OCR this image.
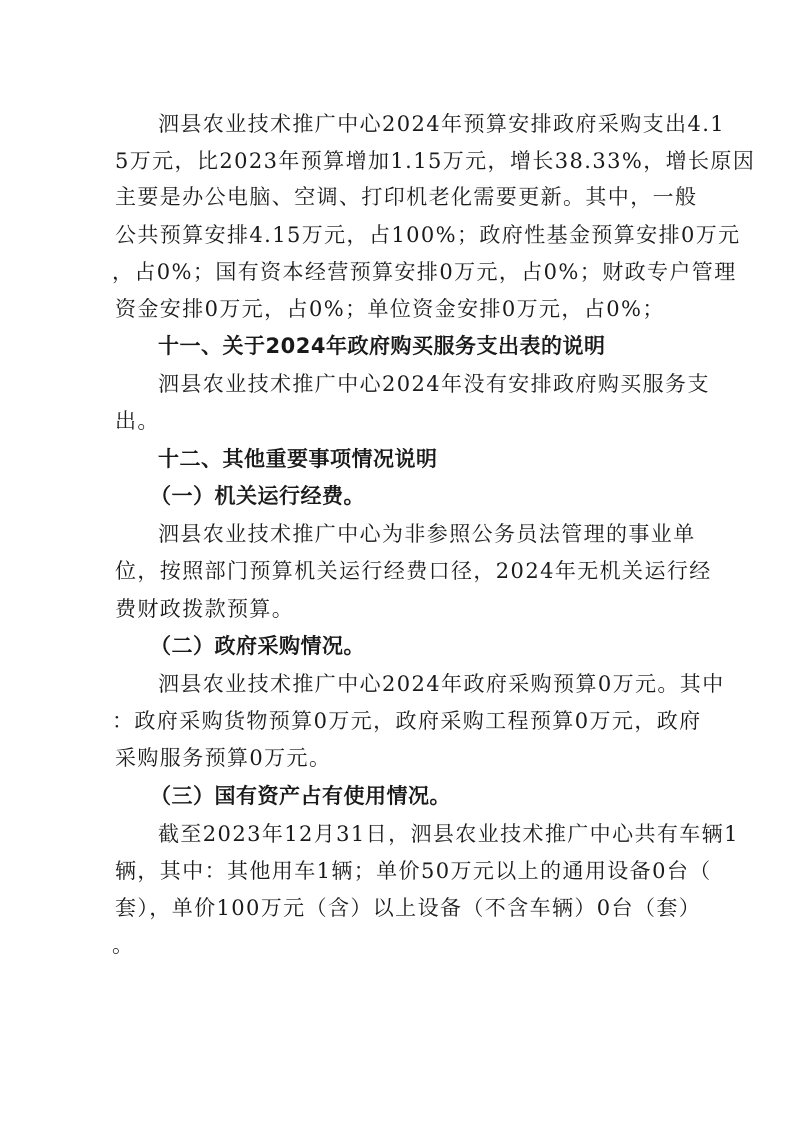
泗县农业技术推广中心2024年预算安排政府采购支出4.1
5万元，比2023年预算增加1.15万元，增长38.33%，增长原因
主要是办公电脑、空调、打印机老化需要更新。其中，一般
公共预算安排4.15万元，占100%；政府性基金预算安排0万元
，占0%；国有资本经营预算安排0万元，占0%；财政专户管理
资金安排0万元，占0%；单位资金安排0万元，占0%；
十一、关于2024年政府购买服务支出表的说明
泗县农业技术推广中心2024年没有安排政府购买服务支
出。
十二、其他重要事项情况说明
（一）机关运行经费。
泗县农业技术推广中心为非参照公务员法管理的事业单
位，按照部门预算机关运行经费口径，2024年无机关运行经
费财政拨款预算。
（二）政府采购情况。
泗县农业技术推广中心2024年政府采购预算0万元。其中
：政府采购货物预算0万元，政府采购工程预算0万元，政府
采购服务预算0万元。
（三）国有资产占有使用情况。
截至2023年12月31日，泗县农业技术推广中心共有车辆1
辆，其中：其他用车1辆；单价50万元以上的通用设备0台（
套），单价100万元（含）以上设备（不含车辆）0台（套）
。
